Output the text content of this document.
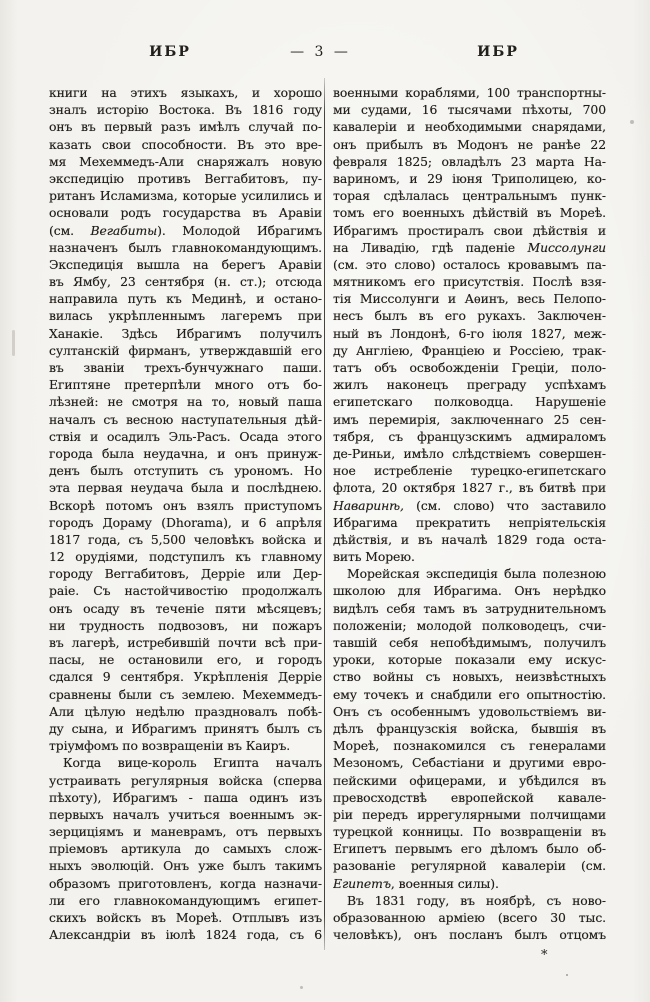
ИБР	— 3 —	ИБР
книги на этихъ языкахъ, и хорошо
зналъ исторію Востока. Въ 1816 году
онъ въ первый разъ имѣлъ случай по-
казать свои способности. Въ это вре-
мя Мехеммедъ-Али снаряжалъ новую
экспедицію противъ Веггабитовъ, пу-
ританъ Исламизма, которые усилились и
основали родъ государства въ Аравіи
(см. Вегабиты). Молодой Ибрагимъ
назначенъ былъ главнокомандующимъ.
Экспедиція вышла на берегъ Аравіи
въ Ямбу, 23 сентября (н. ст.); отсюда
направила путь къ Мединѣ, и остано-
вилась укрѣпленнымъ лагеремъ при
Ханакіе. Здѣсь Ибрагимъ получилъ
султанскій фирманъ, утверждавшій его
въ званіи трехъ-бунчужнаго паши.
Египтяне претерпѣли много отъ бо-
лѣзней: не смотря на то, новый паша
началъ съ весною наступательныя дѣй-
ствія и осадилъ Эль-Расъ. Осада этого
города была неудачна, и онъ принуж-
денъ былъ отступить съ урономъ. Но
эта первая неудача была и послѣднею.
Вскорѣ потомъ онъ взялъ приступомъ
городъ Дораму (Dhorama), и 6 апрѣля
1817 года, съ 5,500 человѣкъ войска и
12 орудіями, подступилъ къ главному
городу Веггабитовъ, Дерріе или Дер-
раіе. Съ настойчивостію продолжалъ
онъ осаду въ теченіе пяти мѣсяцевъ;
ни трудность подвозовъ, ни пожаръ
въ лагерѣ, истребившій почти всѣ при-
пасы, не остановили его, и городъ
сдался 9 сентября. Укрѣпленія Дерріе
сравнены были съ землею. Мехеммедъ-
Али цѣлую недѣлю праздновалъ побѣ-
ду сына, и Ибрагимъ принятъ былъ съ
тріумфомъ по возвращеніи въ Каиръ.
Когда вице-король Египта началъ
устраивать регулярныя войска (сперва
пѣхоту), Ибрагимъ - паша одинъ изъ
первыхъ началъ учиться военнымъ эк-
зерциціямъ и маневрамъ, отъ первыхъ
пріемовъ артикула до самыхъ слож-
ныхъ эволюцій. Онъ уже былъ такимъ
образомъ приготовленъ, когда назначи-
ли его главнокомандующимъ египет-
скихъ войскъ въ Мореѣ. Отплывъ изъ
Александріи въ іюлѣ 1824 года, съ 6
военными кораблями, 100 транспортны-
ми судами, 16 тысячами пѣхоты, 700
кавалеріи и необходимыми снарядами,
онъ прибылъ въ Модонъ не ранѣе 22
февраля 1825; овладѣлъ 23 марта На-
вариномъ, и 29 іюня Триполицею, ко-
торая сдѣлалась центральнымъ пунк-
томъ его военныхъ дѣйствій въ Мореѣ.
Ибрагимъ простиралъ свои дѣйствія и
на Ливадію, гдѣ паденіе Миссолунги
(см. это слово) осталось кровавымъ па-
мятникомъ его присутствія. Послѣ взя-
тія Миссолунги и Аѳинъ, весь Пелопо-
несъ былъ въ его рукахъ. Заключен-
ный въ Лондонѣ, 6-го іюля 1827, меж-
ду Англіею, Франціею и Россіею, трак-
татъ объ освобожденіи Греціи, поло-
жилъ наконецъ преграду успѣхамъ
египетскаго полководца. Нарушеніе
имъ перемирія, заключеннаго 25 сен-
тября, съ французскимъ адмираломъ
де-Риньи, имѣло слѣдствіемъ совершен-
ное истребленіе турецко-египетскаго
флота, 20 октября 1827 г., въ битвѣ при
Наваринѣ, (см. слово) что заставило
Ибрагима прекратить непріятельскія
дѣйствія, и въ началѣ 1829 года оста-
вить Морею.
Морейская экспедиція была полезною
школою для Ибрагима. Онъ нерѣдко
видѣлъ себя тамъ въ затруднительномъ
положеніи; молодой полководецъ, счи-
тавшій себя непобѣдимымъ, получилъ
уроки, которые показали ему искус-
ство войны съ новыхъ, неизвѣстныхъ
ему точекъ и снабдили его опытностію.
Онъ съ особеннымъ удовольствіемъ ви-
дѣлъ французскія войска, бывшія въ
Мореѣ, познакомился съ генералами
Мезономъ, Себастіани и другими евро-
пейскими офицерами, и убѣдился въ
превосходствѣ европейской кавале-
ріи передъ иррегулярными полчищами
турецкой конницы. По возвращеніи въ
Египетъ первымъ его дѣломъ было об-
разованіе регулярной кавалеріи (см.
Египетъ, военныя силы).
Въ 1831 году, въ ноябрѣ, съ ново-
образованною арміею (всего 30 тыс.
человѣкъ), онъ посланъ былъ отцомъ
*
